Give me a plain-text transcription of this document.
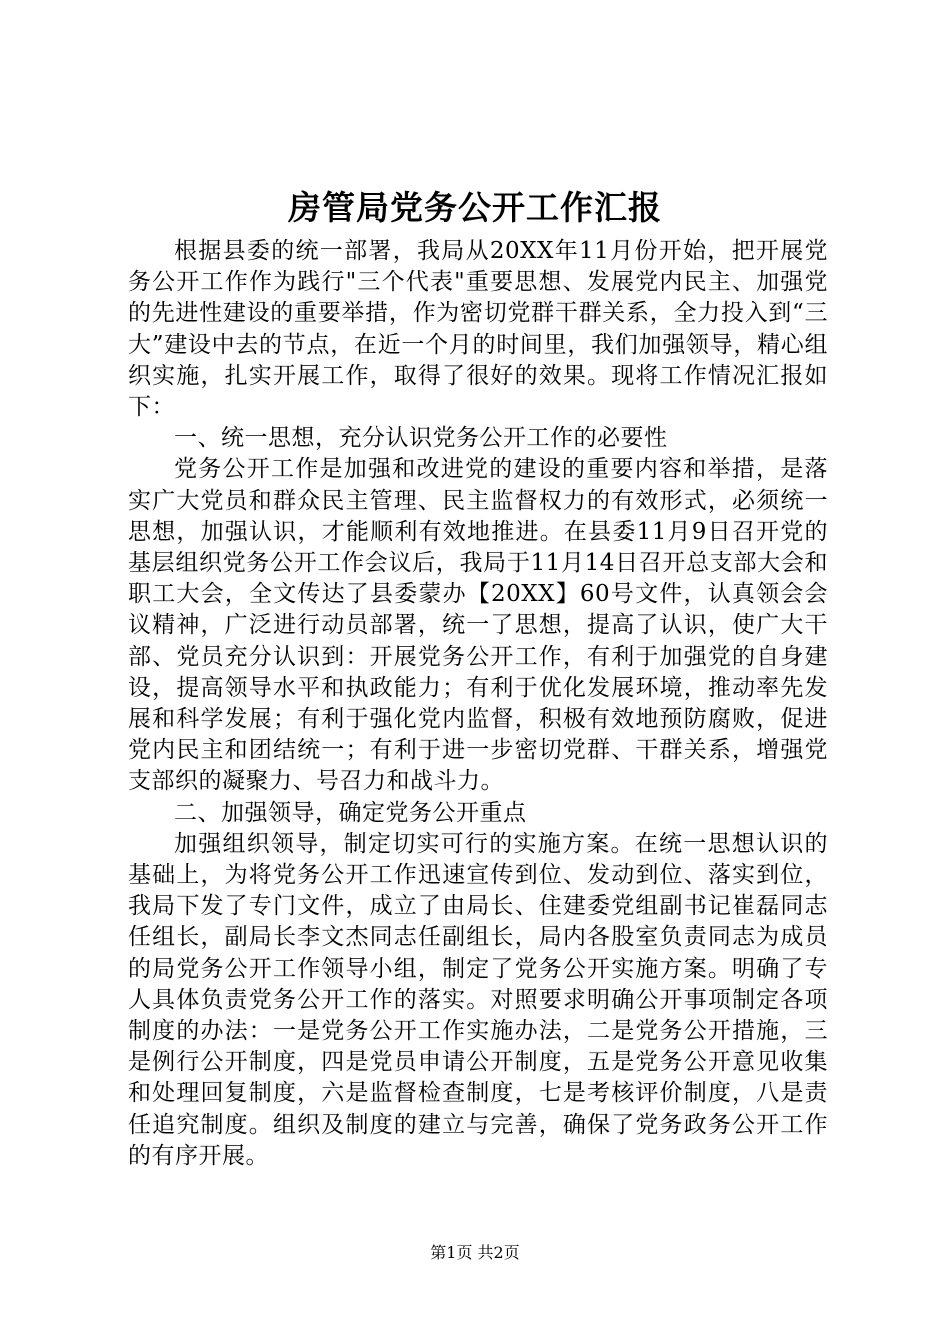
房管局党务公开工作汇报

根据县委的统一部署，我局从20XX年11月份开始，把开展党务公开工作作为践行"三个代表"重要思想、发展党内民主、加强党的先进性建设的重要举措，作为密切党群干群关系，全力投入到“三大”建设中去的节点，在近一个月的时间里，我们加强领导，精心组织实施，扎实开展工作，取得了很好的效果。现将工作情况汇报如下：

一、统一思想，充分认识党务公开工作的必要性

党务公开工作是加强和改进党的建设的重要内容和举措，是落实广大党员和群众民主管理、民主监督权力的有效形式，必须统一思想，加强认识，才能顺利有效地推进。在县委11月9日召开党的基层组织党务公开工作会议后，我局于11月14日召开总支部大会和职工大会，全文传达了县委蒙办【20XX】60号文件，认真领会会议精神，广泛进行动员部署，统一了思想，提高了认识，使广大干部、党员充分认识到：开展党务公开工作，有利于加强党的自身建设，提高领导水平和执政能力；有利于优化发展环境，推动率先发展和科学发展；有利于强化党内监督，积极有效地预防腐败，促进党内民主和团结统一；有利于进一步密切党群、干群关系，增强党支部织的凝聚力、号召力和战斗力。

二、加强领导，确定党务公开重点

加强组织领导，制定切实可行的实施方案。在统一思想认识的基础上，为将党务公开工作迅速宣传到位、发动到位、落实到位，我局下发了专门文件，成立了由局长、住建委党组副书记崔磊同志任组长，副局长李文杰同志任副组长，局内各股室负责同志为成员的局党务公开工作领导小组，制定了党务公开实施方案。明确了专人具体负责党务公开工作的落实。对照要求明确公开事项制定各项制度的办法：一是党务公开工作实施办法，二是党务公开措施，三是例行公开制度，四是党员申请公开制度，五是党务公开意见收集和处理回复制度，六是监督检查制度，七是考核评价制度，八是责任追究制度。组织及制度的建立与完善，确保了党务政务公开工作的有序开展。

第1页 共2页
